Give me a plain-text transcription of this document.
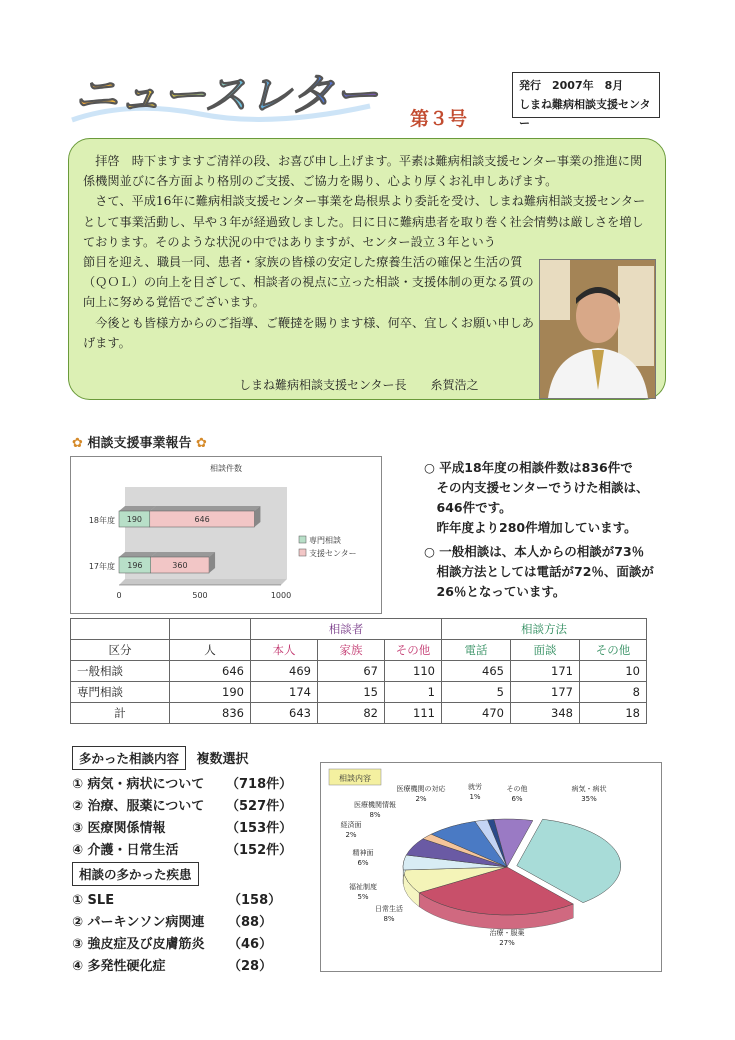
ニュースレター 第３号
発行　2007年　8月
しまね難病相談支援センター

拝啓　時下ますますご清祥の段、お喜び申し上げます。平素は難病相談支援センター事業の推進に関係機関並びに各方面より格別のご支援、ご協力を賜り、心より厚くお礼申しあげます。

さて、平成16年に難病相談支援センター事業を島根県より委託を受け、しまね難病相談支援センターとして事業活動し、早や３年が経過致しました。日に日に難病患者を取り巻く社会情勢は厳しさを増しております。そのような状況の中ではありますが、センター設立３年という

節目を迎え、職員一同、患者・家族の皆様の安定した療養生活の確保と生活の質（ＱＯＬ）の向上を目ざして、相談者の視点に立った相談・支援体制の更なる質の向上に努める覚悟でございます。

今後とも皆様方からのご指導、ご鞭撻を賜ります様、何卒、宜しくお願い申しあげます。

しまね難病相談支援センター長　　糸賀浩之
✿ 相談支援事業報告 ✿
相談件数
18年度 190	646
17年度 196	360
0	500	1000
専門相談
支援センター
○ 平成18年度の相談件数は836件で
　その内支援センターでうけた相談は、
　646件です。
　昨年度より280件増加しています。
○ 一般相談は、本人からの相談が73％
　相談方法としては電話が72％、面談が
　26％となっています。
		相談者			相談方法		
区分	人	本人	家族	その他	電話	面談	その他
一般相談	646	469	67	110	465	171	10
専門相談	190	174	15	1	5	177	8
計	836	643	82	111	470	348	18
多かった相談内容 複数選択
① 病気・病状について （718件）
② 治療、服薬について （527件）
③ 医療関係情報	（153件）
④ 介護・日常生活	（152件）
相談の多かった疾患
① SLE	（158）
② パーキンソン病関連 （88）
③ 強皮症及び皮膚筋炎 （46）
④ 多発性硬化症	（28）
相談内容
病気・病状
35%
治療・服薬
27%
日常生活
8%
福祉制度
5%
精神面
6%
経済面
2%
医療機関情報
8%
医療機関の対応
2%
就労
1%
その他
6%
